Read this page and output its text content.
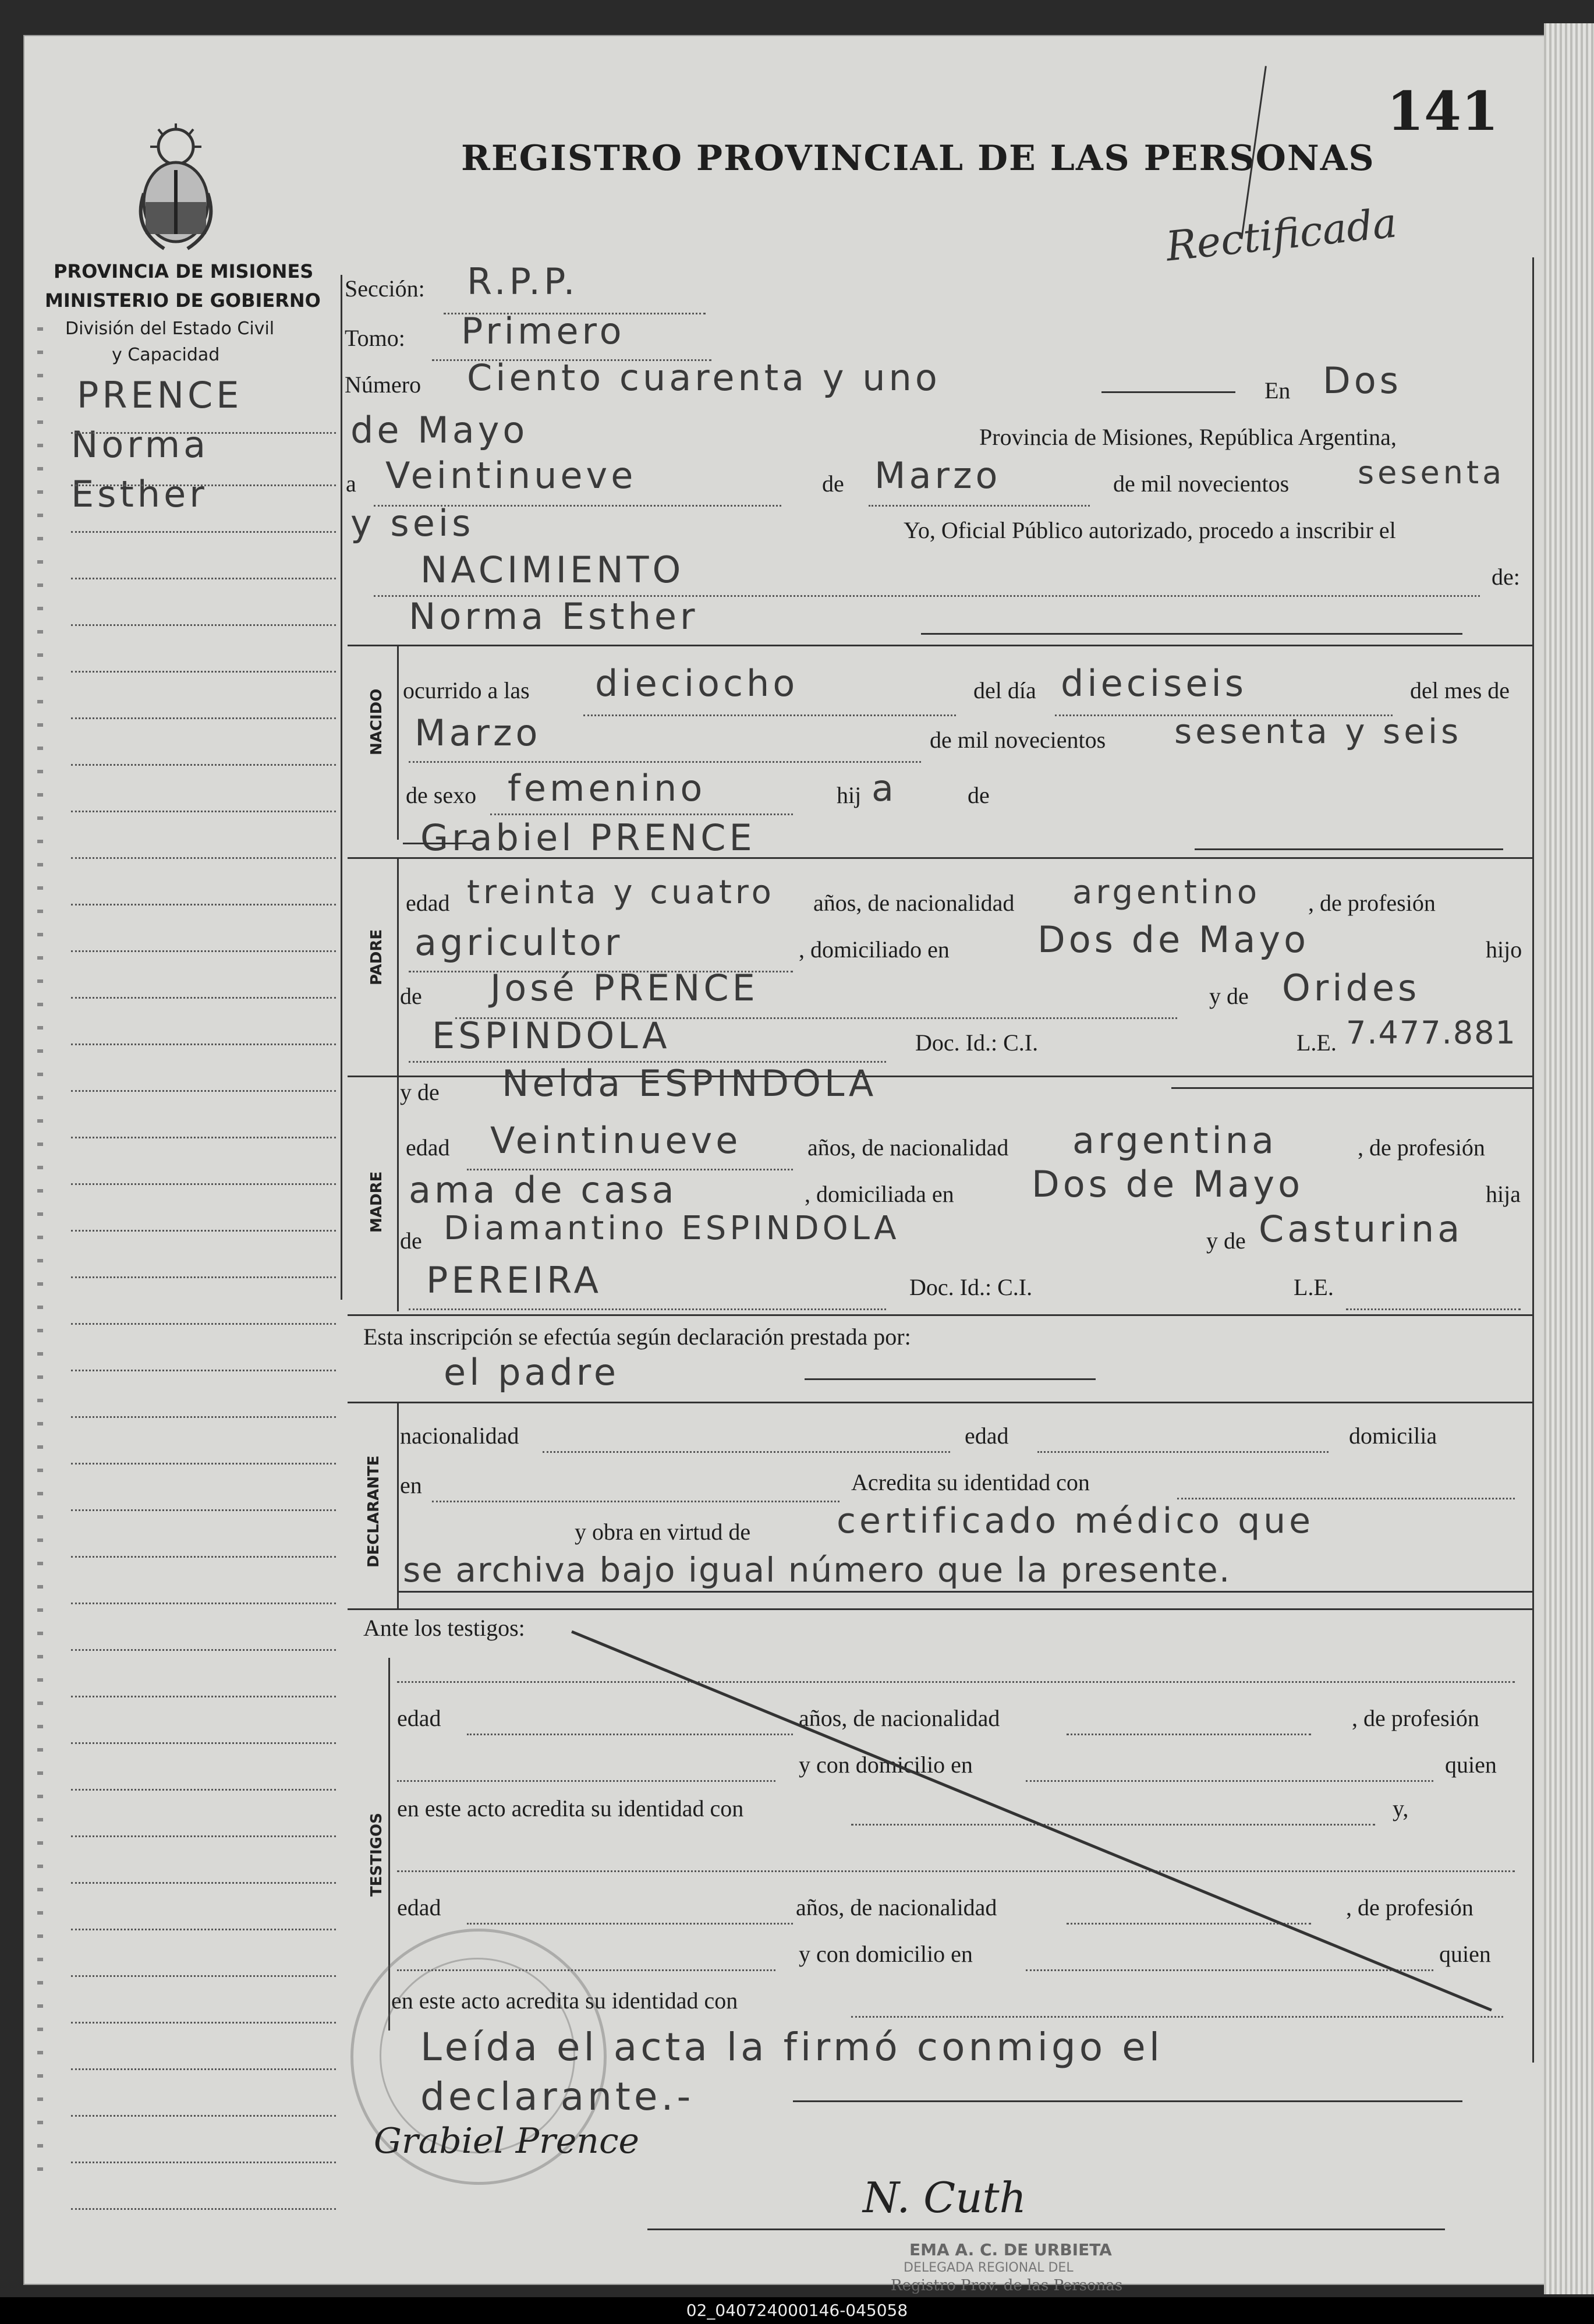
PROVINCIA DE MISIONES
MINISTERIO DE GOBIERNO
División del Estado Civil
y Capacidad
PRENCE
Norma
Esther
141
REGISTRO PROVINCIAL DE LAS PERSONAS
Rectificada
Sección: R.P.P.
Tomo: Primero
Número Ciento cuarenta y uno	En Dos
de Mayo	Provincia de Misiones, República Argentina,
a Veintinueve	de Marzo	de mil novecientos sesenta
y seis	Yo, Oficial Público autorizado, procedo a inscribir el
NACIMIENTO	de:
Norma Esther
NACIDO ocurrido a las dieciocho	del día dieciseis	del mes de
Marzo	de mil novecientos sesenta y seis
de sexo femenino	hij a	de
Grabiel PRENCE
PADRE
edad treinta y cuatro años, de nacionalidad argentino , de profesión
agricultor	, domiciliado en Dos de Mayo	hijo
de José PRENCE	y de Orides
ESPINDOLA	Doc. Id.: C.I.	L.E. 7.477.881
MADRE
y de Nelda ESPINDOLA
edad Veintinueve	años, de nacionalidad argentina	, de profesión
ama de casa	, domiciliada en Dos de Mayo	hija
de Diamantino ESPINDOLA	y de Casturina
PEREIRA	Doc. Id.: C.I.	L.E.
Esta inscripción se efectúa según declaración prestada por:
el padre
DECLARANTE
nacionalidad	edad	domicilia
en	Acredita su identidad con
y obra en virtud de certificado médico que
se archiva bajo igual número que la presente.
Ante los testigos:
TESTIGOS
edad	años, de nacionalidad	, de profesión
y con domicilio en	quien
en este acto acredita su identidad con	y,
edad	años, de nacionalidad	, de profesión
y con domicilio en	quien
en este acto acredita su identidad con
Leída el acta la firmó conmigo el
declarante.-
Grabiel Prence
N. Cuth
EMA A. C. DE URBIETA
DELEGADA REGIONAL DEL
Registro Prov. de las Personas
02_040724000146-045058
